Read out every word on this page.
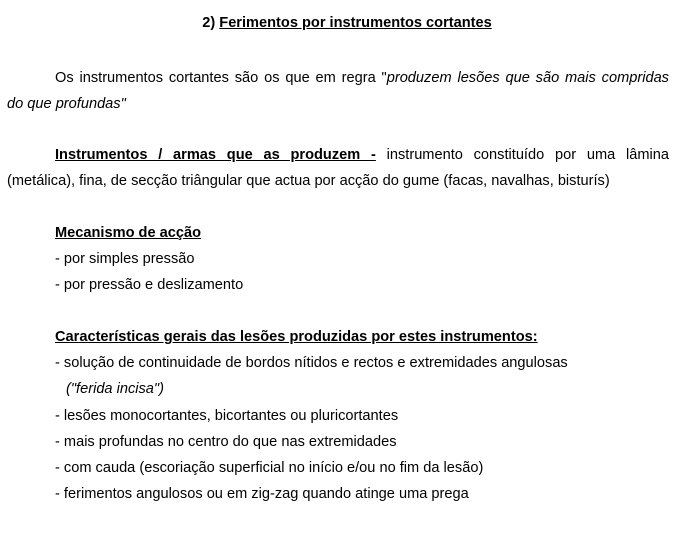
2) Ferimentos por instrumentos cortantes
Os instrumentos cortantes são os que em regra "produzem lesões que são mais compridas
do que profundas"
Instrumentos / armas que as produzem - instrumento constituído por uma lâmina
(metálica), fina, de secção triângular que actua por acção do gume (facas, navalhas, bisturís)
Mecanismo de acção
- por simples pressão
- por pressão e deslizamento
Características gerais das lesões produzidas por estes instrumentos:
- solução de continuidade de bordos nítidos e rectos e extremidades angulosas
("ferida incisa")
- lesões monocortantes, bicortantes ou pluricortantes
- mais profundas no centro do que nas extremidades
- com cauda (escoriação superficial no início e/ou no fim da lesão)
- ferimentos angulosos ou em zig-zag quando atinge uma prega
